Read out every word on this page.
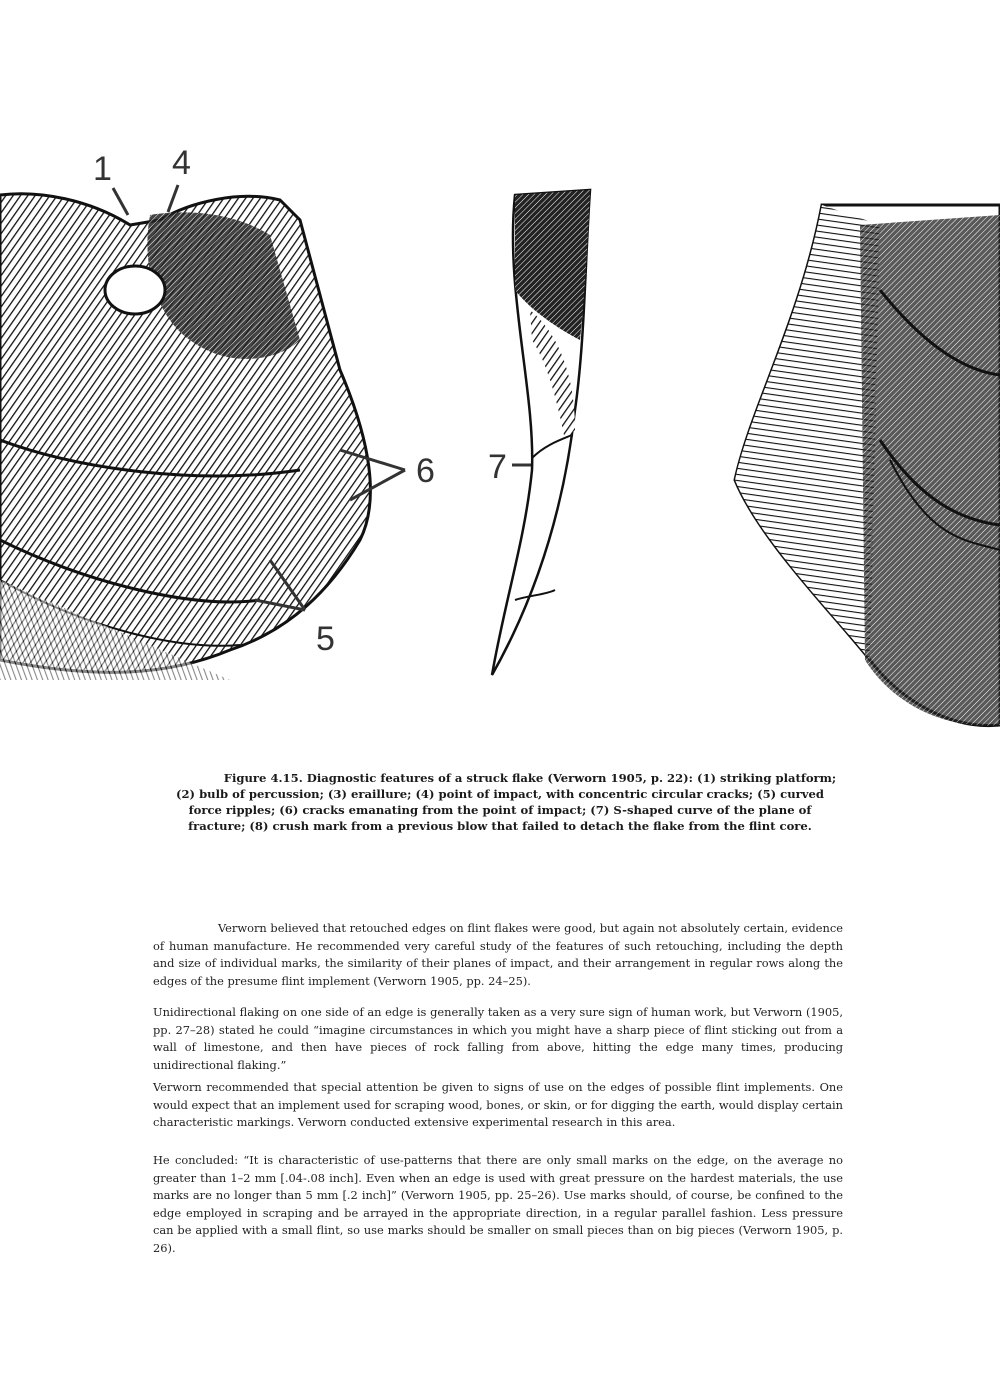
1 4
6
5
7
Figure 4.15. Diagnostic features of a struck flake (Verworn 1905, p. 22): (1) striking platform; (2) bulb of percussion; (3) eraillure; (4) point of impact, with concentric circular cracks; (5) curved force ripples; (6) cracks emanating from the point of impact; (7) S-shaped curve of the plane of fracture; (8) crush mark from a previous blow that failed to detach the flake from the flint core.

Verworn believed that retouched edges on flint flakes were good, but again not absolutely certain, evidence of human manufacture. He recommended very careful study of the features of such retouching, including the depth and size of individual marks, the similarity of their planes of impact, and their arrangement in regular rows along the edges of the presume flint implement (Verworn 1905, pp. 24–25).

Unidirectional flaking on one side of an edge is generally taken as a very sure sign of human work, but Verworn (1905, pp. 27–28) stated he could “imagine circumstances in which you might have a sharp piece of flint sticking out from a wall of limestone, and then have pieces of rock falling from above, hitting the edge many times, producing unidirectional flaking.”

Verworn recommended that special attention be given to signs of use on the edges of possible flint implements. One would expect that an implement used for scraping wood, bones, or skin, or for digging the earth, would display certain characteristic markings. Verworn conducted extensive experimental research in this area.

He concluded: “It is characteristic of use-patterns that there are only small marks on the edge, on the average no greater than 1–2 mm [.04-.08 inch]. Even when an edge is used with great pressure on the hardest materials, the use marks are no longer than 5 mm [.2 inch]” (Verworn 1905, pp. 25–26). Use marks should, of course, be confined to the edge employed in scraping and be arrayed in the appropriate direction, in a regular parallel fashion. Less pressure can be applied with a small flint, so use marks should be smaller on small pieces than on big pieces (Verworn 1905, p. 26).
